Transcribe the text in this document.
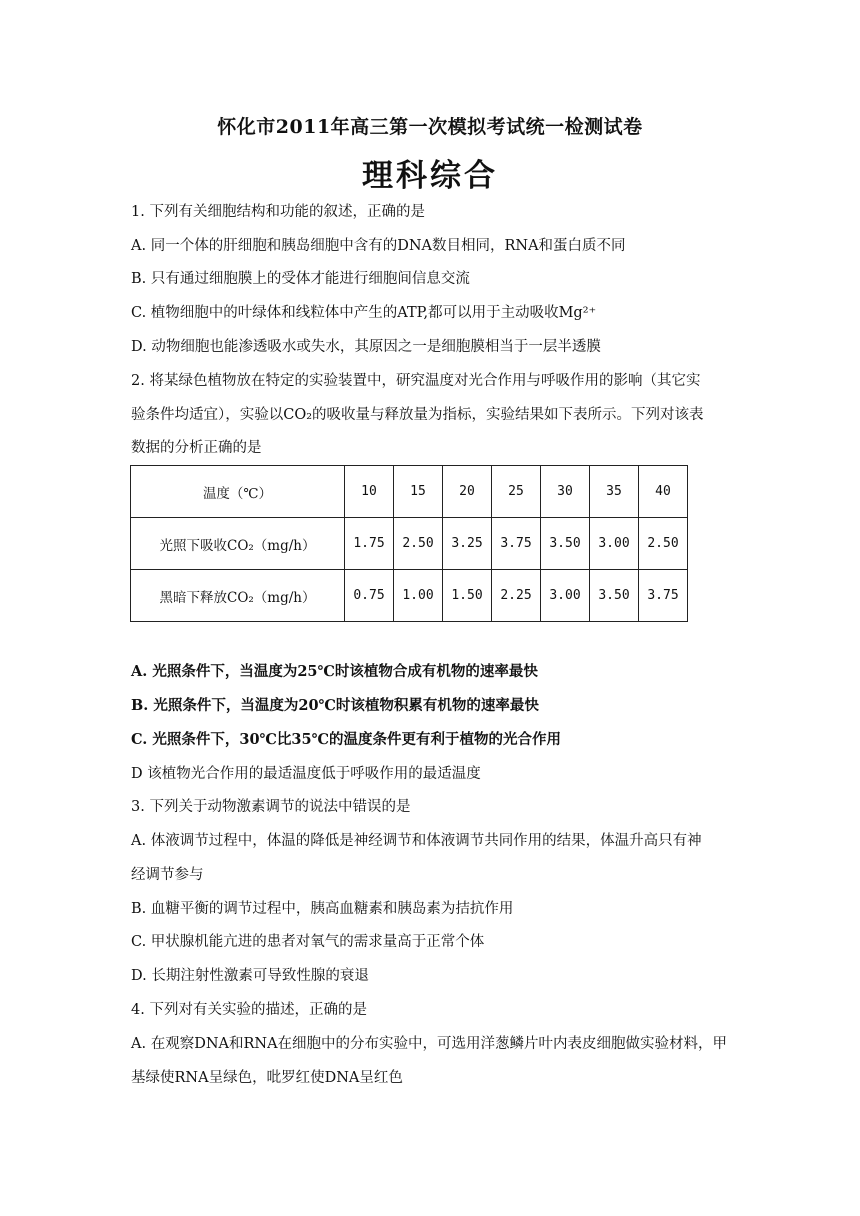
怀化市2011年高三第一次模拟考试统一检测试卷
理科综合
1. 下列有关细胞结构和功能的叙述，正确的是
A. 同一个体的肝细胞和胰岛细胞中含有的DNA数目相同，RNA和蛋白质不同
B. 只有通过细胞膜上的受体才能进行细胞间信息交流
C. 植物细胞中的叶绿体和线粒体中产生的ATP,都可以用于主动吸收Mg²⁺
D. 动物细胞也能渗透吸水或失水，其原因之一是细胞膜相当于一层半透膜
2. 将某绿色植物放在特定的实验装置中，研究温度对光合作用与呼吸作用的影响（其它实
验条件均适宜），实验以CO₂的吸收量与释放量为指标，实验结果如下表所示。下列对该表
数据的分析正确的是
温度（℃）	10	15	20	25	30	35	40
光照下吸收CO₂（mg/h）	1.75	2.50	3.25	3.75	3.50	3.00	2.50
黑暗下释放CO₂（mg/h）	0.75	1.00	1.50	2.25	3.00	3.50	3.75
A. 光照条件下，当温度为25℃时该植物合成有机物的速率最快
B. 光照条件下，当温度为20℃时该植物积累有机物的速率最快
C. 光照条件下，30℃比35℃的温度条件更有利于植物的光合作用
D 该植物光合作用的最适温度低于呼吸作用的最适温度
3. 下列关于动物激素调节的说法中错误的是
A. 体液调节过程中，体温的降低是神经调节和体液调节共同作用的结果，体温升高只有神
经调节参与
B. 血糖平衡的调节过程中，胰高血糖素和胰岛素为拮抗作用
C. 甲状腺机能亢进的患者对氧气的需求量高于正常个体
D. 长期注射性激素可导致性腺的衰退
4. 下列对有关实验的描述，正确的是
A. 在观察DNA和RNA在细胞中的分布实验中，可选用洋葱鳞片叶内表皮细胞做实验材料，甲
基绿使RNA呈绿色，吡罗红使DNA呈红色
